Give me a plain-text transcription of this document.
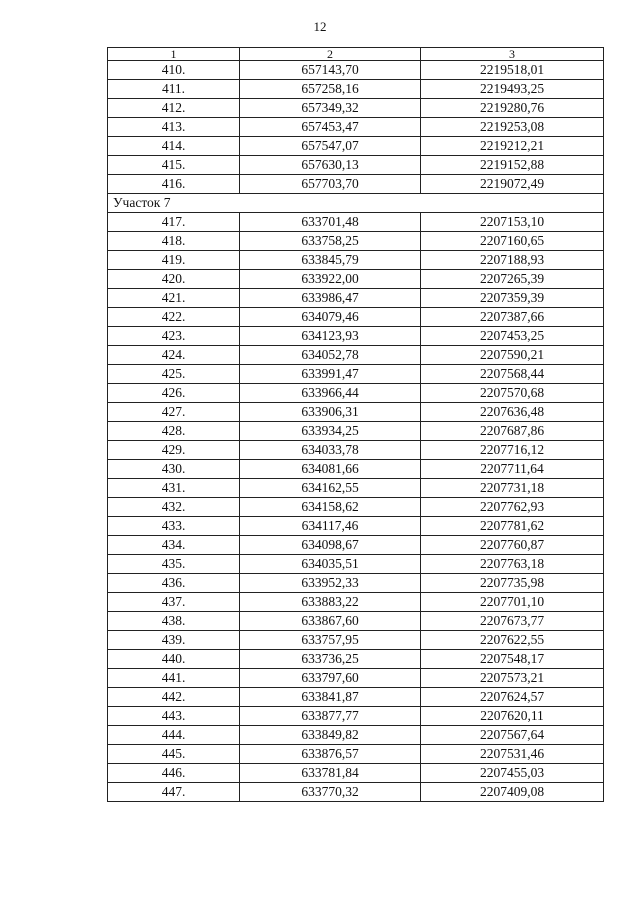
12
1	2	3
410.	657143,70	2219518,01
411.	657258,16	2219493,25
412.	657349,32	2219280,76
413.	657453,47	2219253,08
414.	657547,07	2219212,21
415.	657630,13	2219152,88
416.	657703,70	2219072,49
Участок 7		
417.	633701,48	2207153,10
418.	633758,25	2207160,65
419.	633845,79	2207188,93
420.	633922,00	2207265,39
421.	633986,47	2207359,39
422.	634079,46	2207387,66
423.	634123,93	2207453,25
424.	634052,78	2207590,21
425.	633991,47	2207568,44
426.	633966,44	2207570,68
427.	633906,31	2207636,48
428.	633934,25	2207687,86
429.	634033,78	2207716,12
430.	634081,66	2207711,64
431.	634162,55	2207731,18
432.	634158,62	2207762,93
433.	634117,46	2207781,62
434.	634098,67	2207760,87
435.	634035,51	2207763,18
436.	633952,33	2207735,98
437.	633883,22	2207701,10
438.	633867,60	2207673,77
439.	633757,95	2207622,55
440.	633736,25	2207548,17
441.	633797,60	2207573,21
442.	633841,87	2207624,57
443.	633877,77	2207620,11
444.	633849,82	2207567,64
445.	633876,57	2207531,46
446.	633781,84	2207455,03
447.	633770,32	2207409,08
